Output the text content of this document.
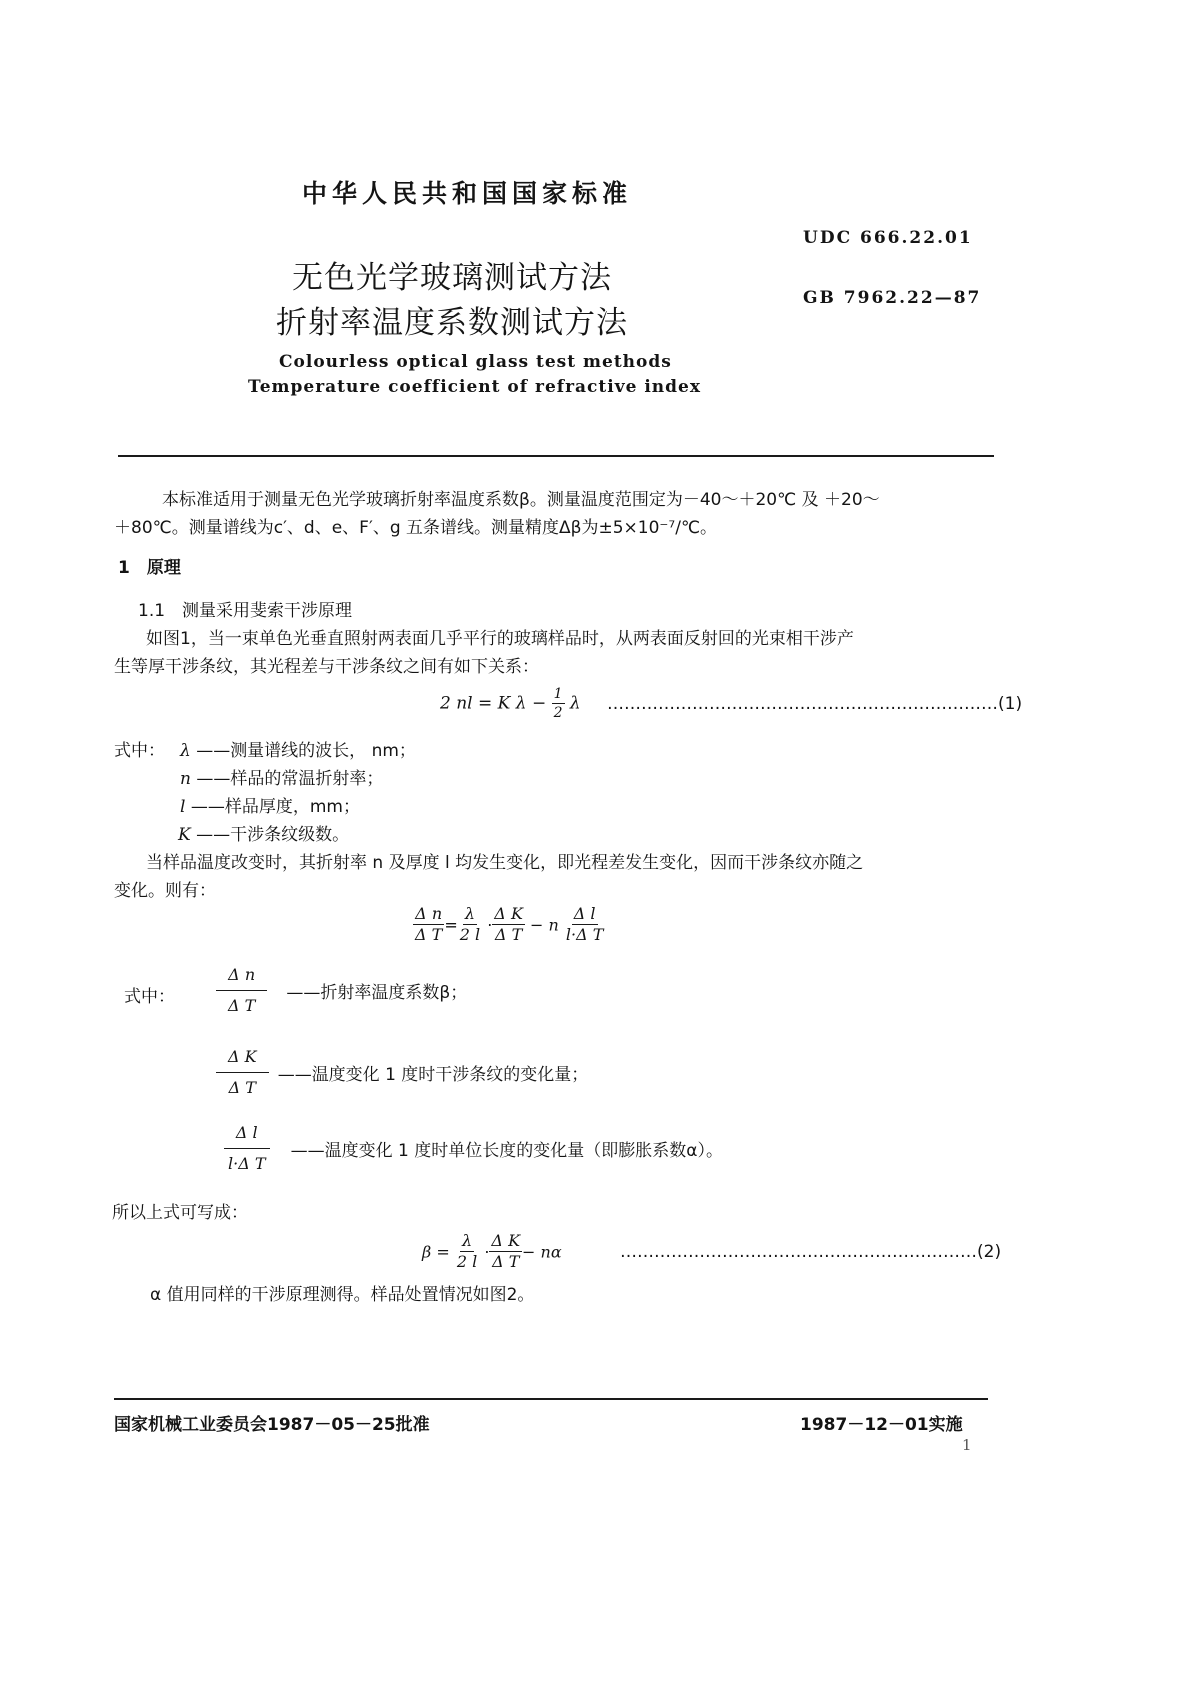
中华人民共和国国家标准
UDC 666.22.01
GB 7962.22—87
无色光学玻璃测试方法
折射率温度系数测试方法
Colourless optical glass test methods
Temperature coefficient of refractive index
本标准适用于测量无色光学玻璃折射率温度系数β。测量温度范围定为－40～＋20℃ 及 ＋20～
＋80℃。测量谱线为c′、d、e、F′、g 五条谱线。测量精度Δβ为±5×10⁻⁷/℃。
1　原理
1.1　测量采用斐索干涉原理
如图1，当一束单色光垂直照射两表面几乎平行的玻璃样品时，从两表面反射回的光束相干涉产
生等厚干涉条纹，其光程差与干涉条纹之间有如下关系：
2 nl = K $\lambda - \frac{1}{2}$ λ ……………………………………………………………(1)
式中： λ ——测量谱线的波长， nm；
n ——样品的常温折射率；
l ——样品厚度，mm；
K ——干涉条纹级数。
当样品温度改变时，其折射率 n 及厚度 l 均发生变化，即光程差发生变化，因而干涉条纹亦随之
变化。则有：
$\frac{\text{Δ n}}{\text{Δ T}} = \frac{\lambda}{2 l} \cdot \frac{\text{Δ K}}{\text{Δ T}} - n \frac{\text{Δ l}}{\text{l·Δ T}}$
式中：	$\frac{\text{Δ n}}{\text{Δ T}}$ ——折射率温度系数β；
$\frac{\text{Δ K}}{\text{Δ T}}$ ——温度变化 1 度时干涉条纹的变化量；
$\frac{\text{Δ l}}{\text{l·Δ T}}$ ——温度变化 1 度时单位长度的变化量（即膨胀系数α）。
所以上式可写成：
$\beta = \frac{\lambda}{2 l} \cdot \frac{\text{Δ K}}{\text{Δ T}} - n\alpha$	………………………………………………………(2)
α 值用同样的干涉原理测得。样品处置情况如图2。
国家机械工业委员会1987－05－25批准	1987－12－01实施
1
